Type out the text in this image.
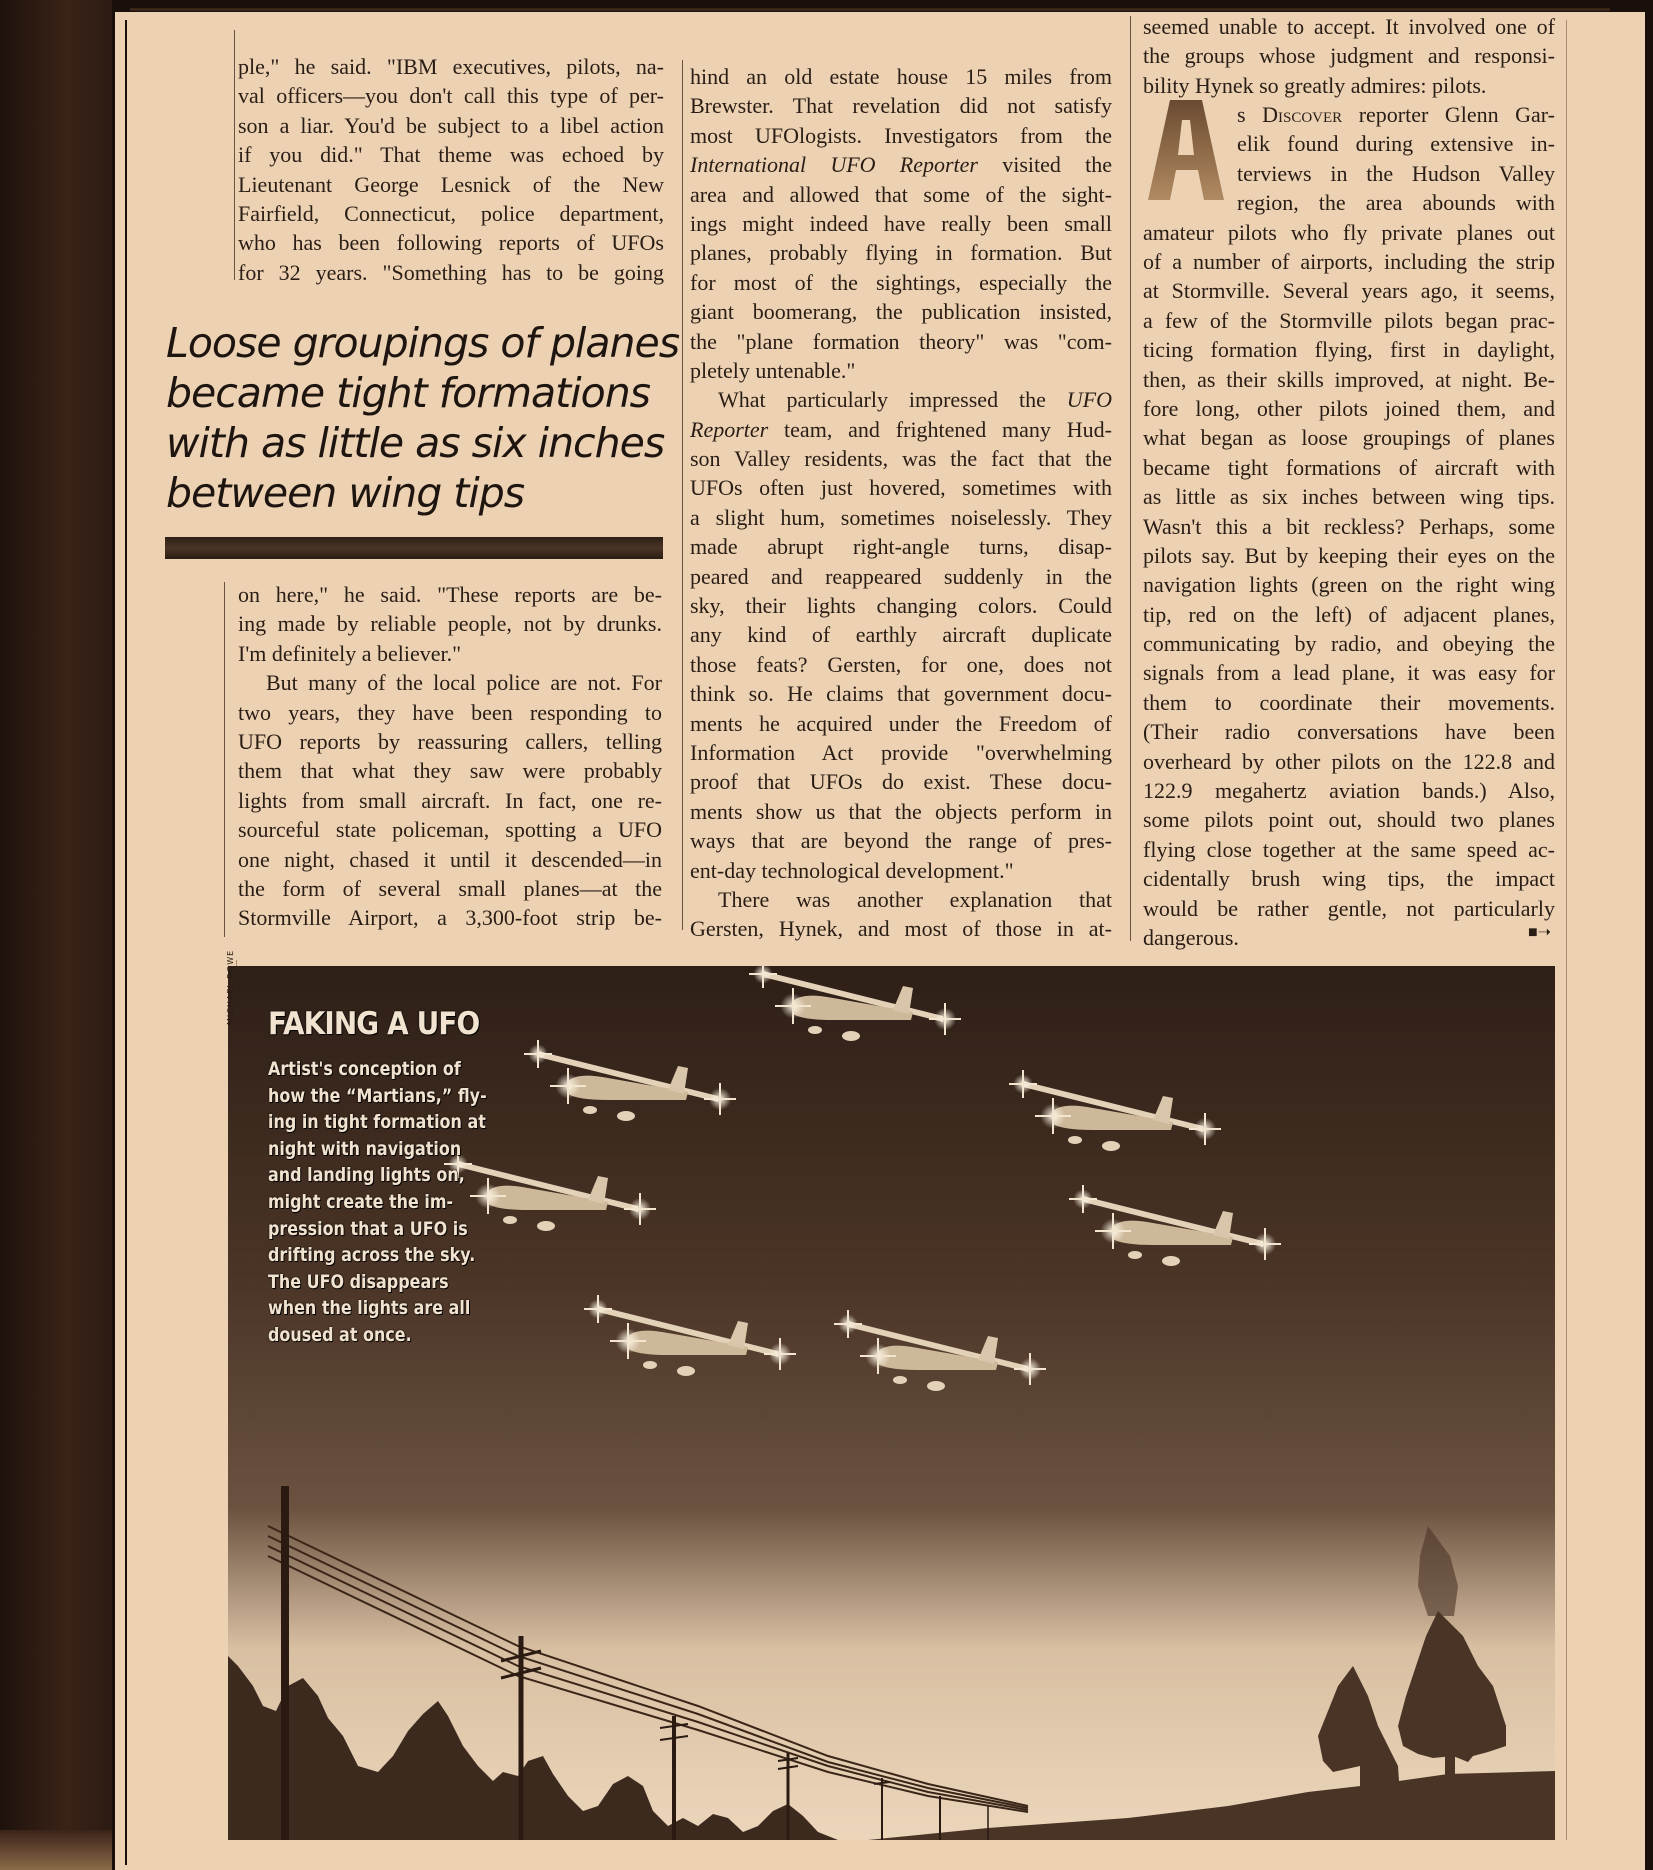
ple," he said. "IBM executives, pilots, na-
val officers—you don't call this type of per-
son a liar. You'd be subject to a libel action
if you did." That theme was echoed by
Lieutenant George Lesnick of the New
Fairfield, Connecticut, police department,
who has been following reports of UFOs
for 32 years. "Something has to be going
Loose groupings of planes
became tight formations
with as little as six inches
between wing tips
on here," he said. "These reports are be-
ing made by reliable people, not by drunks.
I'm definitely a believer."
But many of the local police are not. For
two years, they have been responding to
UFO reports by reassuring callers, telling
them that what they saw were probably
lights from small aircraft. In fact, one re-
sourceful state policeman, spotting a UFO
one night, chased it until it descended—in
the form of several small planes—at the
Stormville Airport, a 3,300-foot strip be-
hind an old estate house 15 miles from
Brewster. That revelation did not satisfy
most UFOlogists. Investigators from the
International UFO Reporter visited the
area and allowed that some of the sight-
ings might indeed have really been small
planes, probably flying in formation. But
for most of the sightings, especially the
giant boomerang, the publication insisted,
the "plane formation theory" was "com-
pletely untenable."
What particularly impressed the UFO
Reporter team, and frightened many Hud-
son Valley residents, was the fact that the
UFOs often just hovered, sometimes with
a slight hum, sometimes noiselessly. They
made abrupt right-angle turns, disap-
peared and reappeared suddenly in the
sky, their lights changing colors. Could
any kind of earthly aircraft duplicate
those feats? Gersten, for one, does not
think so. He claims that government docu-
ments he acquired under the Freedom of
Information Act provide "overwhelming
proof that UFOs do exist. These docu-
ments show us that the objects perform in
ways that are beyond the range of pres-
ent-day technological development."
There was another explanation that
Gersten, Hynek, and most of those in at-
seemed unable to accept. It involved one of
the groups whose judgment and responsi-
bility Hynek so greatly admires: pilots.
s Discover reporter Glenn Gar-
elik found during extensive in-
terviews in the Hudson Valley
region, the area abounds with
amateur pilots who fly private planes out
of a number of airports, including the strip
at Stormville. Several years ago, it seems,
a few of the Stormville pilots began prac-
ticing formation flying, first in daylight,
then, as their skills improved, at night. Be-
fore long, other pilots joined them, and
what began as loose groupings of planes
became tight formations of aircraft with
as little as six inches between wing tips.
Wasn't this a bit reckless? Perhaps, some
pilots say. But by keeping their eyes on the
navigation lights (green on the right wing
tip, red on the left) of adjacent planes,
communicating by radio, and obeying the
signals from a lead plane, it was easy for
them to coordinate their movements.
(Their radio conversations have been
overheard by other pilots on the 122.8 and
122.9 megahertz aviation bands.) Also,
some pilots point out, should two planes
flying close together at the same speed ac-
cidentally brush wing tips, the impact
would be rather gentle, not particularly
dangerous.	■➝
FAKING A UFO
Artist's conception of
how the “Martians,” fly-
ing in tight formation at
night with navigation
and landing lights on,
might create the im-
pression that a UFO is
drifting across the sky.
The UFO disappears
when the lights are all
doused at once.
MICHAEL ROWE
